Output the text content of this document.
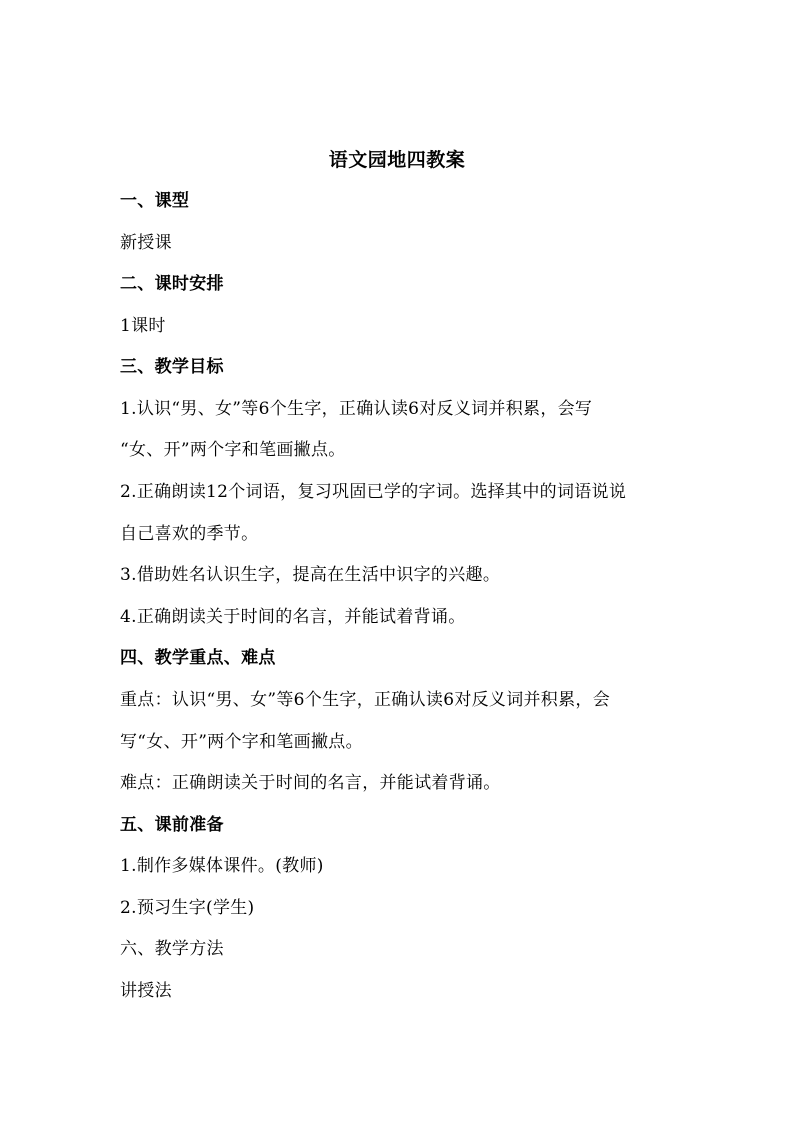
语文园地四教案
一、课型
新授课
二、课时安排
1课时
三、教学目标
1.认识“男、女”等6个生字，正确认读6对反义词并积累，会写
“女、开”两个字和笔画撇点。
2.正确朗读12个词语，复习巩固已学的字词。选择其中的词语说说
自己喜欢的季节。
3.借助姓名认识生字，提高在生活中识字的兴趣。
4.正确朗读关于时间的名言，并能试着背诵。
四、教学重点、难点
重点：认识“男、女”等6个生字，正确认读6对反义词并积累，会
写“女、开”两个字和笔画撇点。
难点：正确朗读关于时间的名言，并能试着背诵。
五、课前准备
1.制作多媒体课件。(教师)
2.预习生字(学生)
六、教学方法
讲授法
